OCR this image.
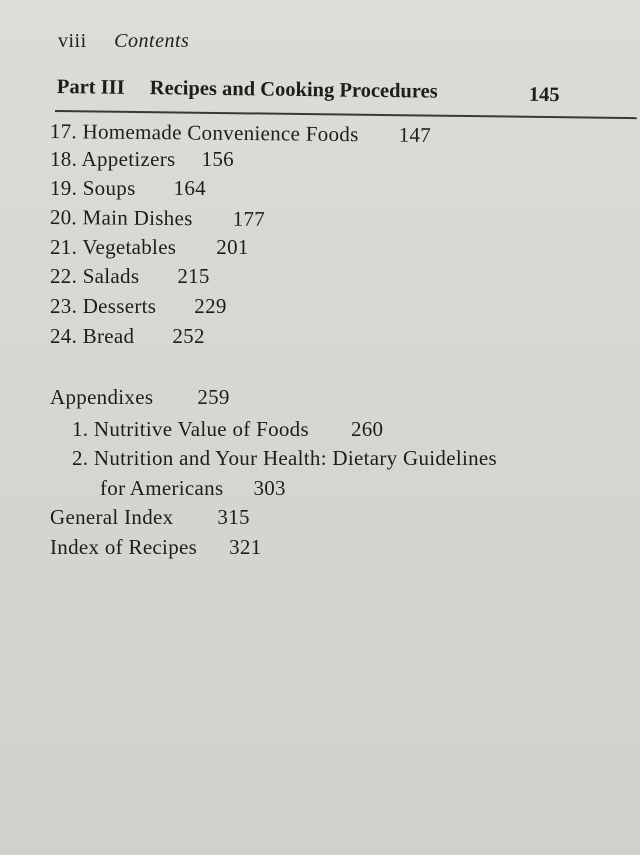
viii Contents
Part III Recipes and Cooking Procedures	145
17. Homemade Convenience Foods 147
18. Appetizers 156
19. Soups 164
20. Main Dishes 177
21. Vegetables 201
22. Salads 215
23. Desserts 229
24. Bread 252
Appendixes 259
1. Nutritive Value of Foods 260
2. Nutrition and Your Health: Dietary Guidelines
for Americans 303
General Index 315
Index of Recipes 321
